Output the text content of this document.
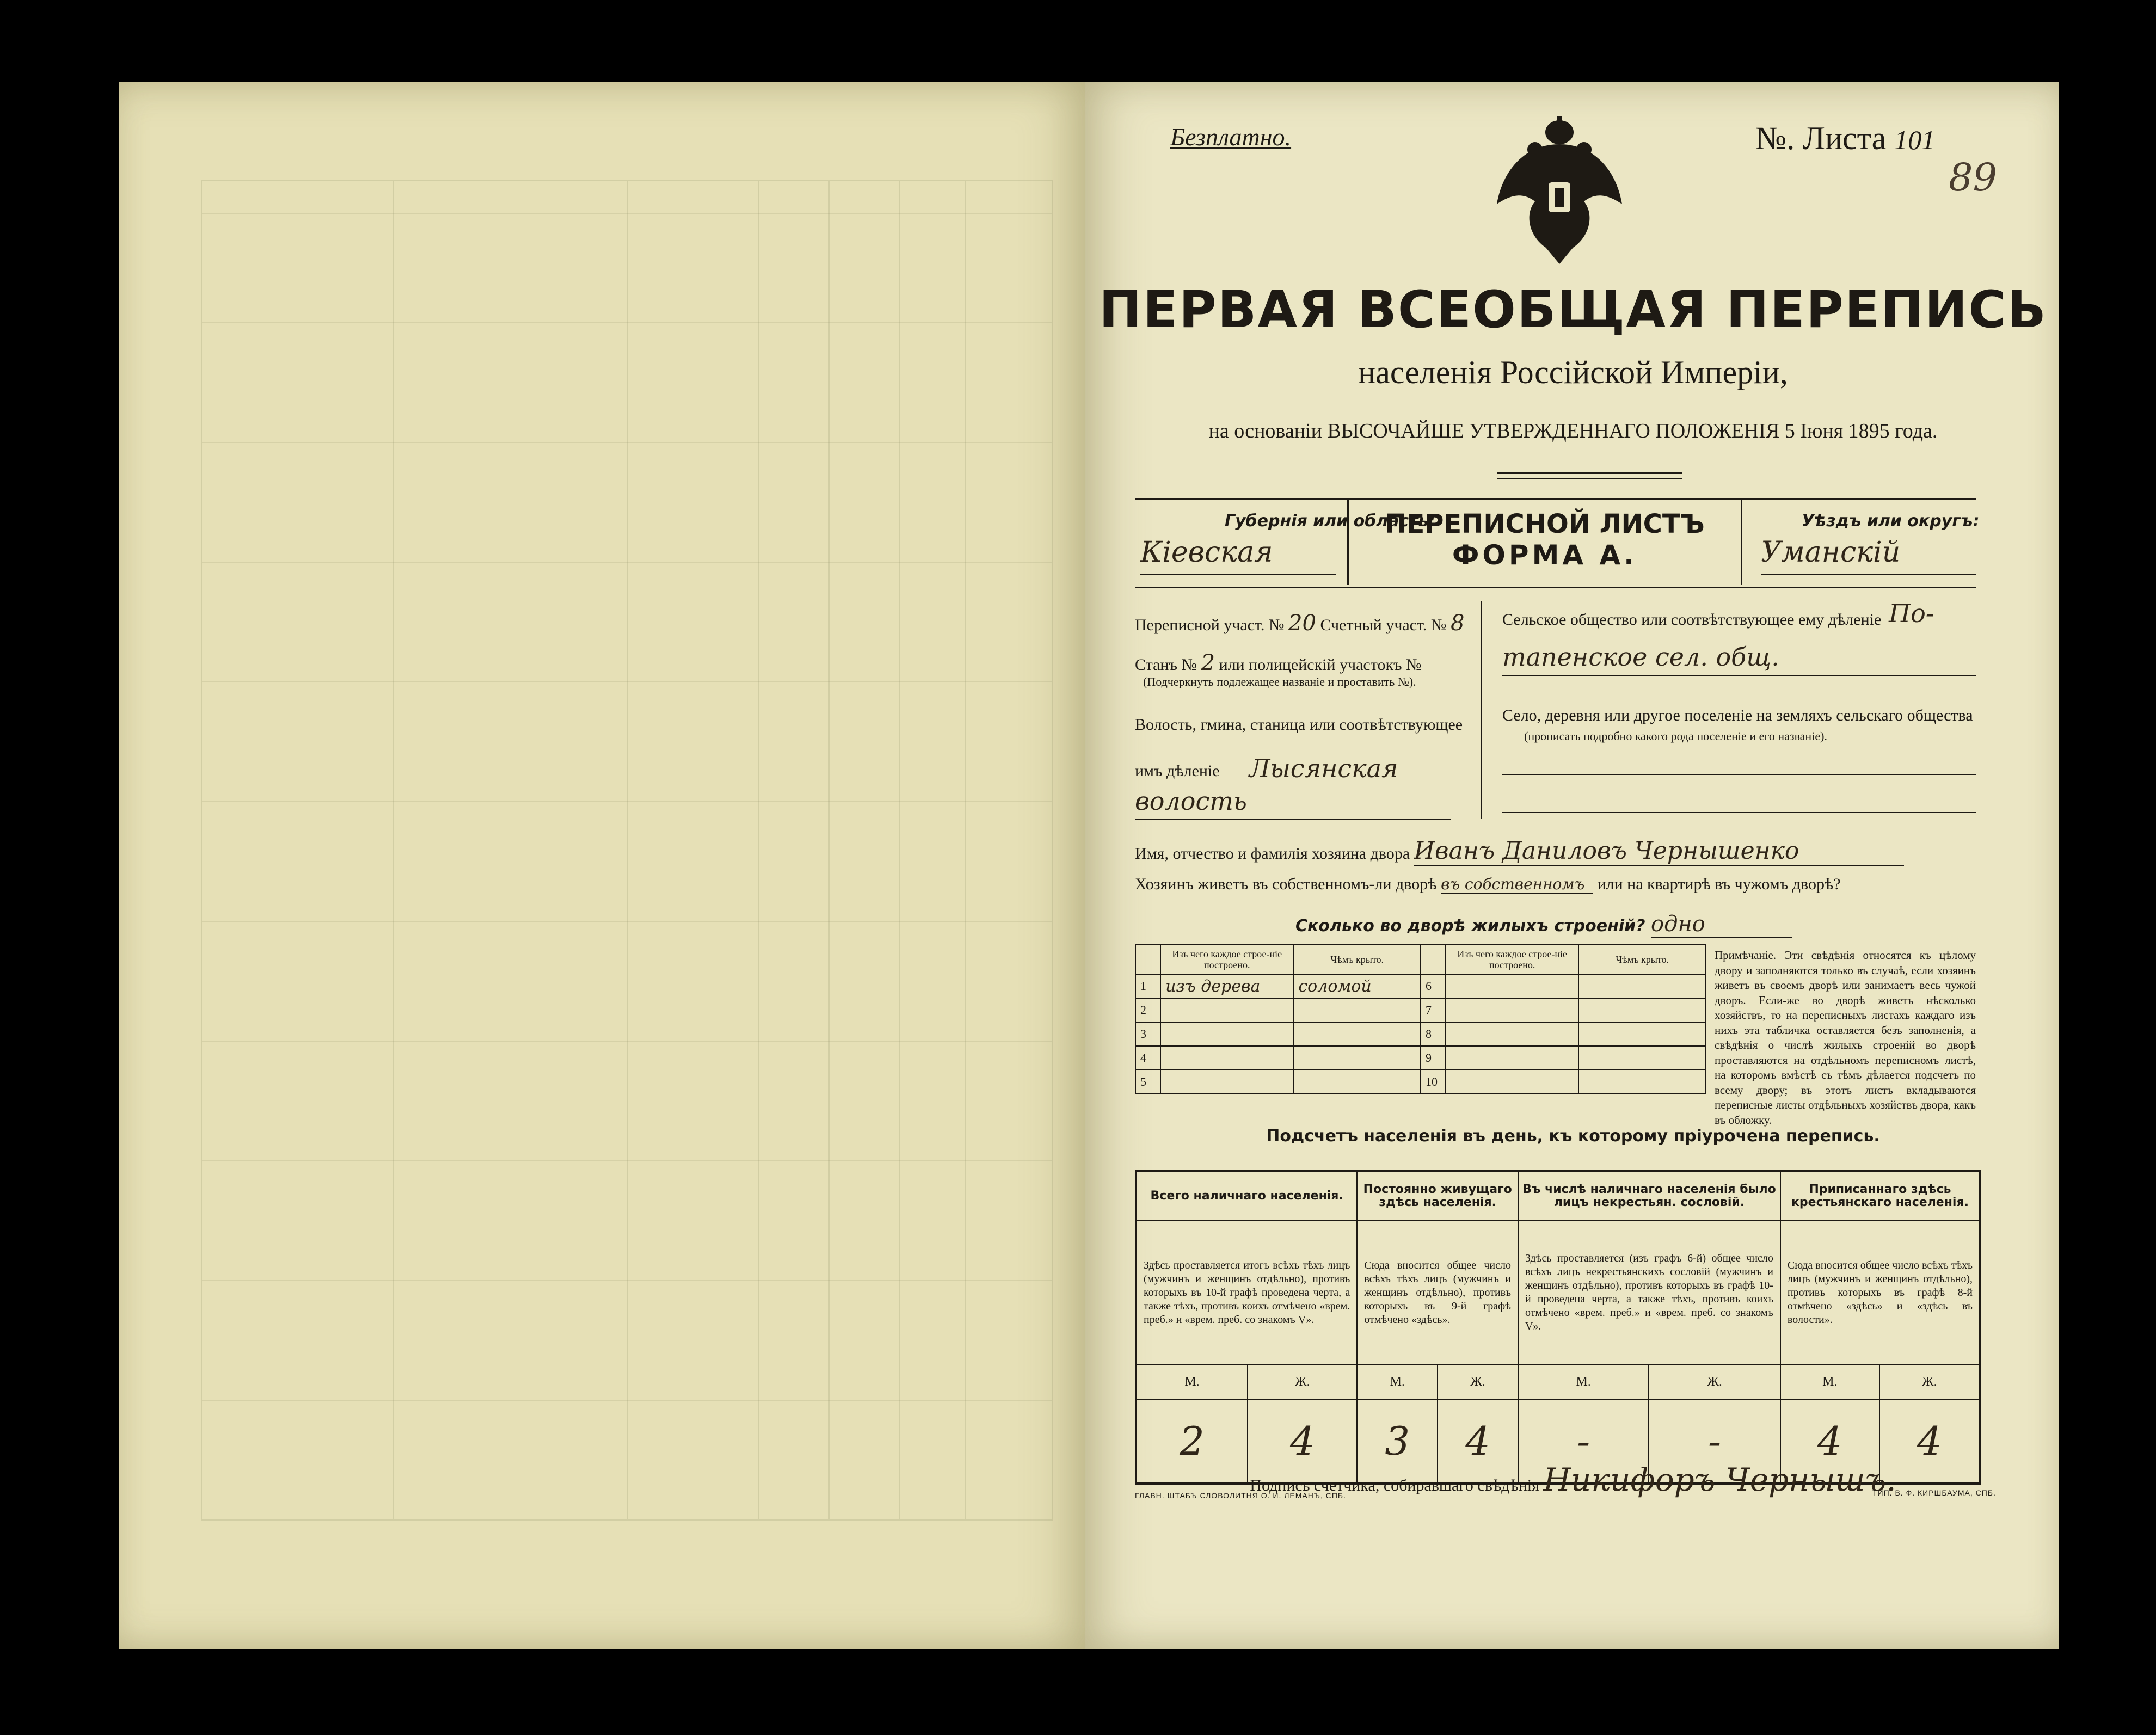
Безплатно.	№. Листа 101
89
ПЕРВАЯ ВСЕОБЩАЯ ПЕРЕПИСЬ
населенія Россійской Имперіи,
на основаніи ВЫСОЧАЙШЕ УТВЕРЖДЕННАГО ПОЛОЖЕНІЯ 5 Іюня 1895 года.
Губернія или область:
Кіевская
ПЕРЕПИСНОЙ ЛИСТЪ
ФОРМА А.
Уѣздъ или округъ:
Уманскій
Переписной участ. № 20 Счетный участ. № 8
Станъ № 2 или полицейскій участокъ №
(Подчеркнуть подлежащее названіе и проставить №).
Волость, гмина, станица или соотвѣтствующее
имъ дѣленіе Лысянская
волость
Сельское общество или соотвѣтствующее ему дѣленіе По-
тапенское сел. общ.
Село, деревня или другое поселеніе на земляхъ сельскаго общества
(прописать подробно какого рода поселеніе и его названіе).
Имя, отчество и фамилія хозяина двора Иванъ Даниловъ Чернышенко
Хозяинъ живетъ въ собственномъ-ли дворѣ въ собственномъ или на квартирѣ въ чужомъ дворѣ?
Сколько во дворѣ жилыхъ строеній? одно
	Изъ чего каждое строе-ніе построено.	Чѣмъ крыто.		Изъ чего каждое строе-ніе построено.	Чѣмъ крыто.
1	изъ дерева	соломой	6		
2			7		
3			8		
4			9		
5			10		
Примѣчаніе. Эти свѣдѣнія относятся къ цѣлому двору и заполняются только въ случаѣ, если хозяинъ живетъ въ своемъ дворѣ или занимаетъ весь чужой дворъ. Если-же во дворѣ живетъ нѣсколько хозяйствъ, то на переписныхъ листахъ каждаго изъ нихъ эта табличка оставляется безъ заполненія, а свѣдѣнія о числѣ жилыхъ строеній во дворѣ проставляются на отдѣльномъ переписномъ листѣ, на которомъ вмѣстѣ съ тѣмъ дѣлается подсчетъ по всему двору; въ этотъ листъ вкладываются переписные листы отдѣльныхъ хозяйствъ двора, какъ въ обложку.
Подсчетъ населенія въ день, къ которому пріурочена перепись.
Всего наличнаго населенія.		Постоянно живущаго здѣсь населенія.		Въ числѣ наличнаго населенія было лицъ некрестьян. сословій.		Приписаннаго здѣсь крестьянскаго населенія.	
Здѣсь проставляется итогъ всѣхъ тѣхъ лицъ (мужчинъ и женщинъ отдѣльно), противъ которыхъ въ 10-й графѣ проведена черта, а также тѣхъ, противъ коихъ отмѣчено «врем. преб.» и «врем. преб. со знакомъ V».		Сюда вносится общее число всѣхъ тѣхъ лицъ (мужчинъ и женщинъ отдѣльно), противъ которыхъ въ 9-й графѣ отмѣчено «здѣсь».		Здѣсь проставляется (изъ графъ 6-й) общее число всѣхъ лицъ некрестьянскихъ сословій (мужчинъ и женщинъ отдѣльно), противъ которыхъ въ графѣ 10-й проведена черта, а также тѣхъ, противъ коихъ отмѣчено «врем. преб.» и «врем. преб. со знакомъ V».		Сюда вносится общее число всѣхъ тѣхъ лицъ (мужчинъ и женщинъ отдѣльно), противъ которыхъ въ графѣ 8-й отмѣчено «здѣсь» и «здѣсь въ волости».	
М.	Ж.	М.	Ж.	М.	Ж.	М.	Ж.
2	4	3	4	-	-	4	4
Подпись счетчика, собиравшаго свѣдѣнія Никифоръ Чернышъ.
ГЛАВН. ШТАБЪ СЛОВОЛИТНЯ О. И. ЛЕМАНЪ, СПБ.	ТИП. В. Ф. КИРШБАУМА, СПБ.
